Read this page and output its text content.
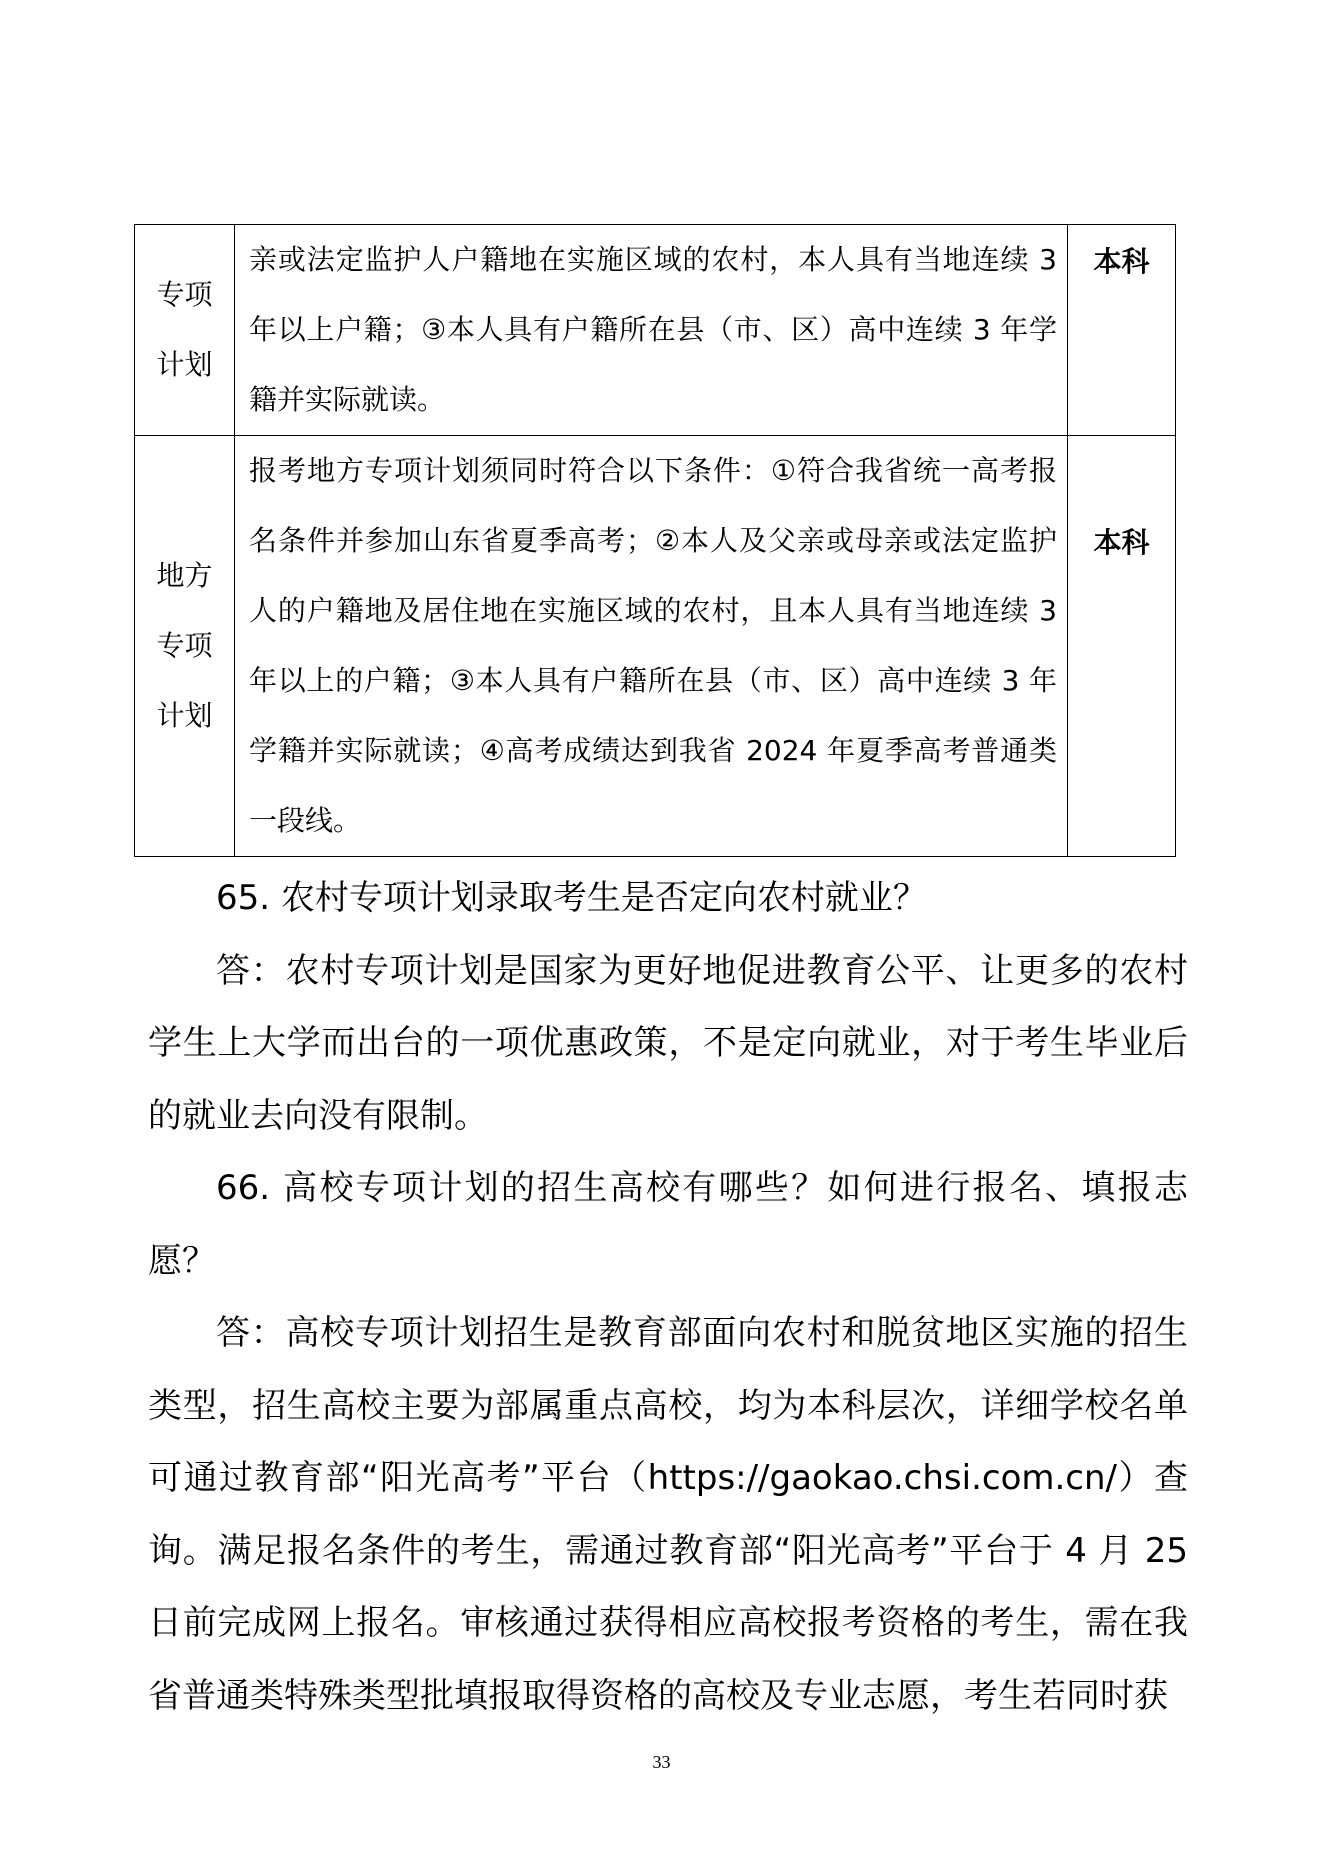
专项
计划	亲或法定监护人户籍地在实施区域的农村，本人具有当地连续 3 年以上户籍；③本人具有户籍所在县（市、区）高中连续 3 年学籍并实际就读。	本科

地方
专项
计划	报考地方专项计划须同时符合以下条件：①符合我省统一高考报名条件并参加山东省夏季高考；②本人及父亲或母亲或法定监护人的户籍地及居住地在实施区域的农村，且本人具有当地连续 3 年以上的户籍；③本人具有户籍所在县（市、区）高中连续 3 年学籍并实际就读；④高考成绩达到我省 2024 年夏季高考普通类一段线。	本科

65. 农村专项计划录取考生是否定向农村就业？

答：农村专项计划是国家为更好地促进教育公平、让更多的农村学生上大学而出台的一项优惠政策，不是定向就业，对于考生毕业后的就业去向没有限制。

66. 高校专项计划的招生高校有哪些？如何进行报名、填报志愿？

答：高校专项计划招生是教育部面向农村和脱贫地区实施的招生类型，招生高校主要为部属重点高校，均为本科层次，详细学校名单可通过教育部“阳光高考”平台（https://gaokao.chsi.com.cn/）查询。满足报名条件的考生，需通过教育部“阳光高考”平台于 4 月 25 日前完成网上报名。审核通过获得相应高校报考资格的考生，需在我省普通类特殊类型批填报取得资格的高校及专业志愿，考生若同时获

33
